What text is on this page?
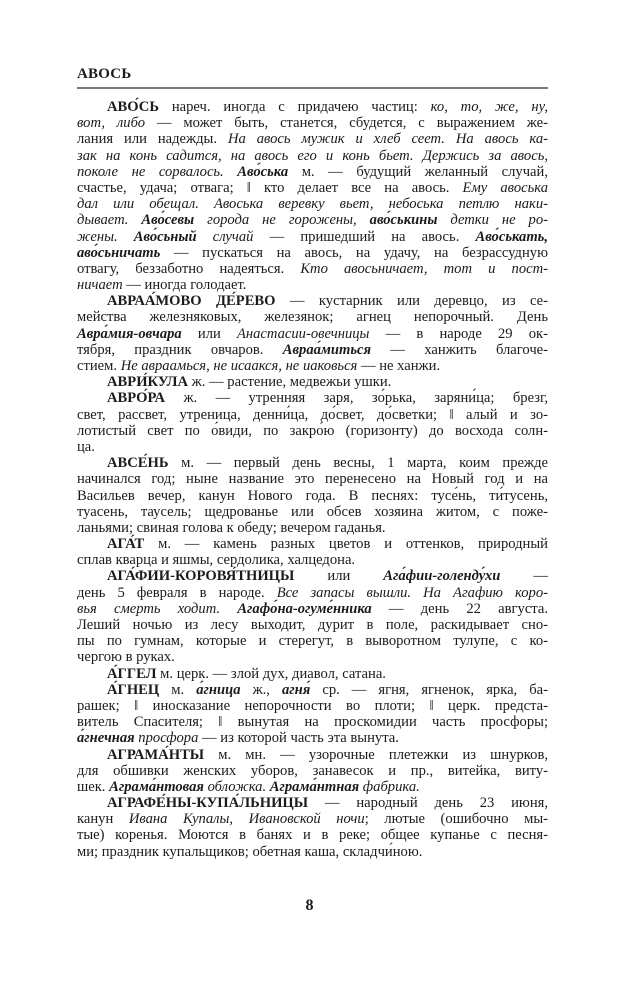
АВОСЬ
АВО́СЬ нареч. иногда с придачею частиц: ко, то, же, ну,
вот, либо — может быть, станется, сбудется, с выражением же-
лания или надежды. На авось мужик и хлеб сеет. На авось ка-
зак на конь садится, на авось его и конь бьет. Держись за авось,
поколе не сорвалось. Аво́ська м. — будущий желанный случай,
счастье, удача; отвага; ‖ кто делает все на авось. Ему авоська
дал или обещал. Авоська веревку вьет, небоська петлю наки-
дывает. Аво́севы города не горожены, аво́ськины детки не ро-
жены. Аво́сьный случай — пришедший на авось. Аво́ськать,
аво́сьничать — пускаться на авось, на удачу, на безрассудную
отвагу, беззаботно надеяться. Кто авосьничает, тот и пост-
ничает — иногда голодает.
АВРАА́МОВО ДЕ́РЕВО — кустарник или деревцо, из се-
мейства железняковых, железянок; агнец непорочный. День
Авра́мия-овчара или Анастасии-овечницы — в народе 29 ок-
тября, праздник овчаров. Авраа́миться — ханжить благоче-
стием. Не авраамься, не исаакся, не иаковься — не ханжи.
АВРИ́КУЛА ж. — растение, медвежьи ушки.
АВРО́РА ж. — утренняя заря, зо́рька, заряни́ца; брезг,
свет, рассвет, утреница, денни́ца, до́свет, до́светки; ‖ алый и зо-
лотистый свет по о́види, по закро́ю (горизонту) до восхода солн-
ца.
АВСЕ́НЬ м. — первый день весны, 1 марта, коим прежде
начинался год; ныне название это перенесено на Новый год и на
Васильев вечер, канун Нового года. В песнях: тусе́нь, ти́тусень,
туасень, таусель; щедрованье или обсев хозяина житом, с поже-
ланьями; свиная голова к обеду; вечером гаданья.
АГА́Т м. — камень разных цветов и оттенков, природный
сплав кварца и яшмы, сердолика, халцедона.
АГА́ФИИ-КОРОВЯ́ТНИЦЫ или Ага́фии-голенду́хи —
день 5 февраля в народе. Все запасы вышли. На Агафию коро-
вья смерть ходит. Агафо́на-огуме́нника — день 22 августа.
Леший ночью из лесу выходит, дурит в поле, раскидывает сно-
пы по гумнам, которые и стерегут, в выворотном тулупе, с ко-
чергою в руках.
А́ГГЕЛ м. церк. — злой дух, диавол, сатана.
А́ГНЕЦ м. а́гница ж., агня́ ср. — ягня, ягненок, ярка, ба-
рашек; ‖ иносказание непорочности во плоти; ‖ церк. предста-
витель Спасителя; ‖ вынутая на проскомидии часть просфоры;
а́гнечная просфора — из которой часть эта вынута.
АГРАМА́НТЫ м. мн. — узорочные плетежки из шнурков,
для обшивки женских уборов, занавесок и пр., витейка, виту-
шек. Аграма́нтовая обложка. Аграма́нтная фабрика.
АГРАФЕ́НЫ-КУПА́ЛЬНИЦЫ — народный день 23 июня,
канун Ивана Купалы, Ивановской ночи; лютые (ошибочно мы-
тые) коренья. Моются в банях и в реке; общее купанье с песня-
ми; праздник купальщиков; обетная каша, складчи́ною.
8
